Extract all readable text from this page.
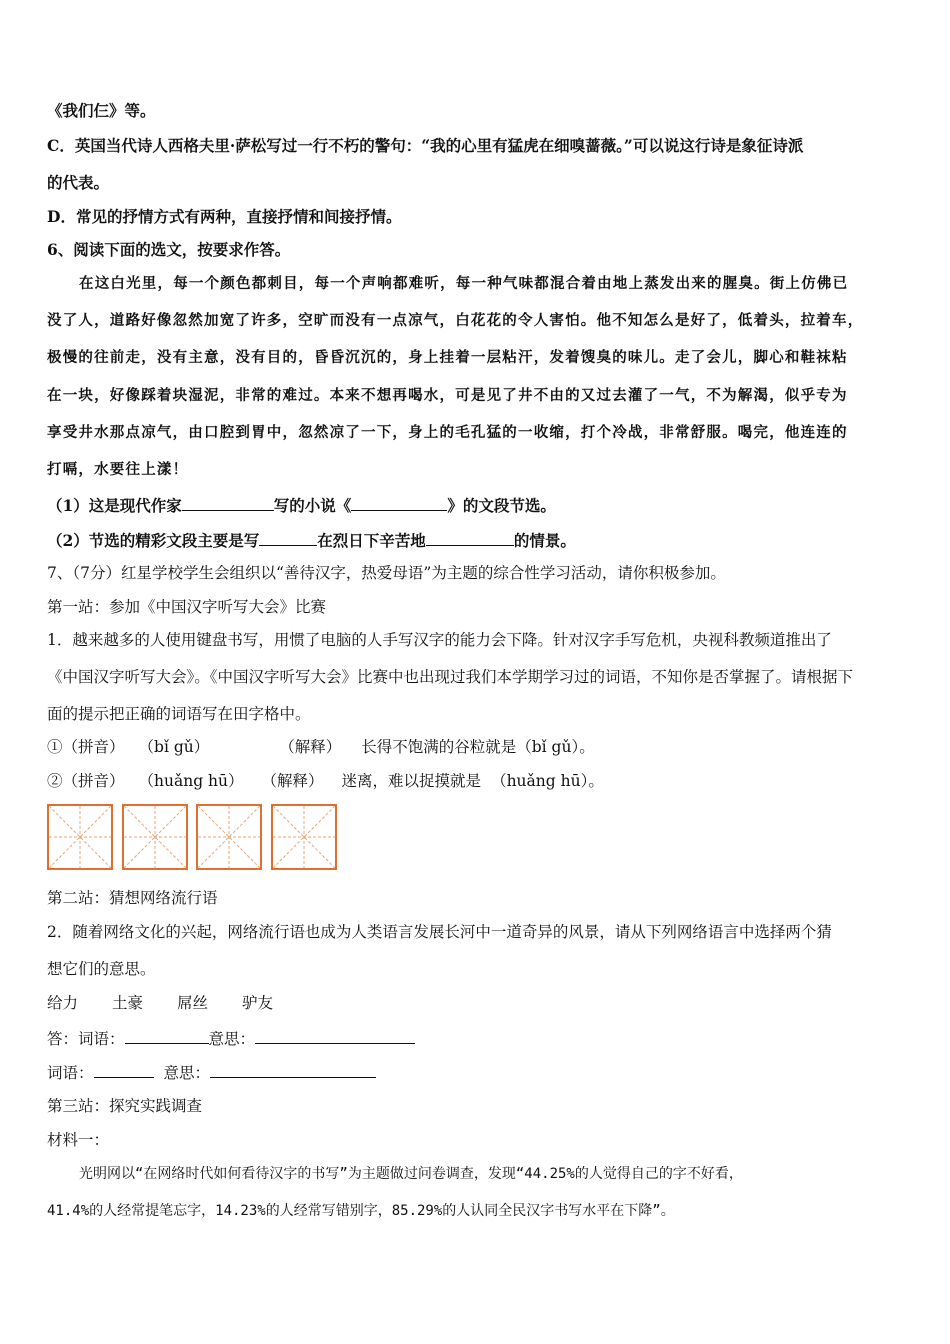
《我们仨》等。
C．英国当代诗人西格夫里·萨松写过一行不朽的警句：“我的心里有猛虎在细嗅蔷薇。”可以说这行诗是象征诗派
的代表。
D．常见的抒情方式有两种，直接抒情和间接抒情。
6、阅读下面的选文，按要求作答。
在这白光里，每一个颜色都刺目，每一个声响都难听，每一种气味都混合着由地上蒸发出来的腥臭。街上仿佛已
没了人，道路好像忽然加宽了许多，空旷而没有一点凉气，白花花的令人害怕。他不知怎么是好了，低着头，拉着车，
极慢的往前走，没有主意，没有目的，昏昏沉沉的，身上挂着一层粘汗，发着馊臭的味儿。走了会儿，脚心和鞋袜粘
在一块，好像踩着块湿泥，非常的难过。本来不想再喝水，可是见了井不由的又过去灌了一气，不为解渴，似乎专为
享受井水那点凉气，由口腔到胃中，忽然凉了一下，身上的毛孔猛的一收缩，打个冷战，非常舒服。喝完，他连连的
打嗝，水要往上漾！
（1）这是现代作家	写的小说《	》的文段节选。
（2）节选的精彩文段主要是写	在烈日下辛苦地	的情景。
7、（7分）红星学校学生会组织以“善待汉字，热爱母语”为主题的综合性学习活动，请你积极参加。
第一站：参加《中国汉字听写大会》比赛
1．越来越多的人使用键盘书写，用惯了电脑的人手写汉字的能力会下降。针对汉字手写危机，央视科教频道推出了
《中国汉字听写大会》。《中国汉字听写大会》比赛中也出现过我们本学期学习过的词语，不知你是否掌握了。请根据下
面的提示把正确的词语写在田字格中。
①（拼音） （bǐ gǔ）	（解释） 长得不饱满的谷粒就是（bǐ gǔ）。
②（拼音） （huǎng hū） （解释） 迷离，难以捉摸就是 （huǎng hū）。
第二站：猜想网络流行语
2．随着网络文化的兴起，网络流行语也成为人类语言发展长河中一道奇异的风景，请从下列网络语言中选择两个猜
想它们的意思。
给力 土豪 屌丝 驴友
答：词语：	意思：
词语：	意思：
第三站：探究实践调查
材料一：
光明网以“在网络时代如何看待汉字的书写”为主题做过问卷调查，发现“44.25%的人觉得自己的字不好看，
41.4%的人经常提笔忘字，14.23%的人经常写错别字，85.29%的人认同全民汉字书写水平在下降”。
